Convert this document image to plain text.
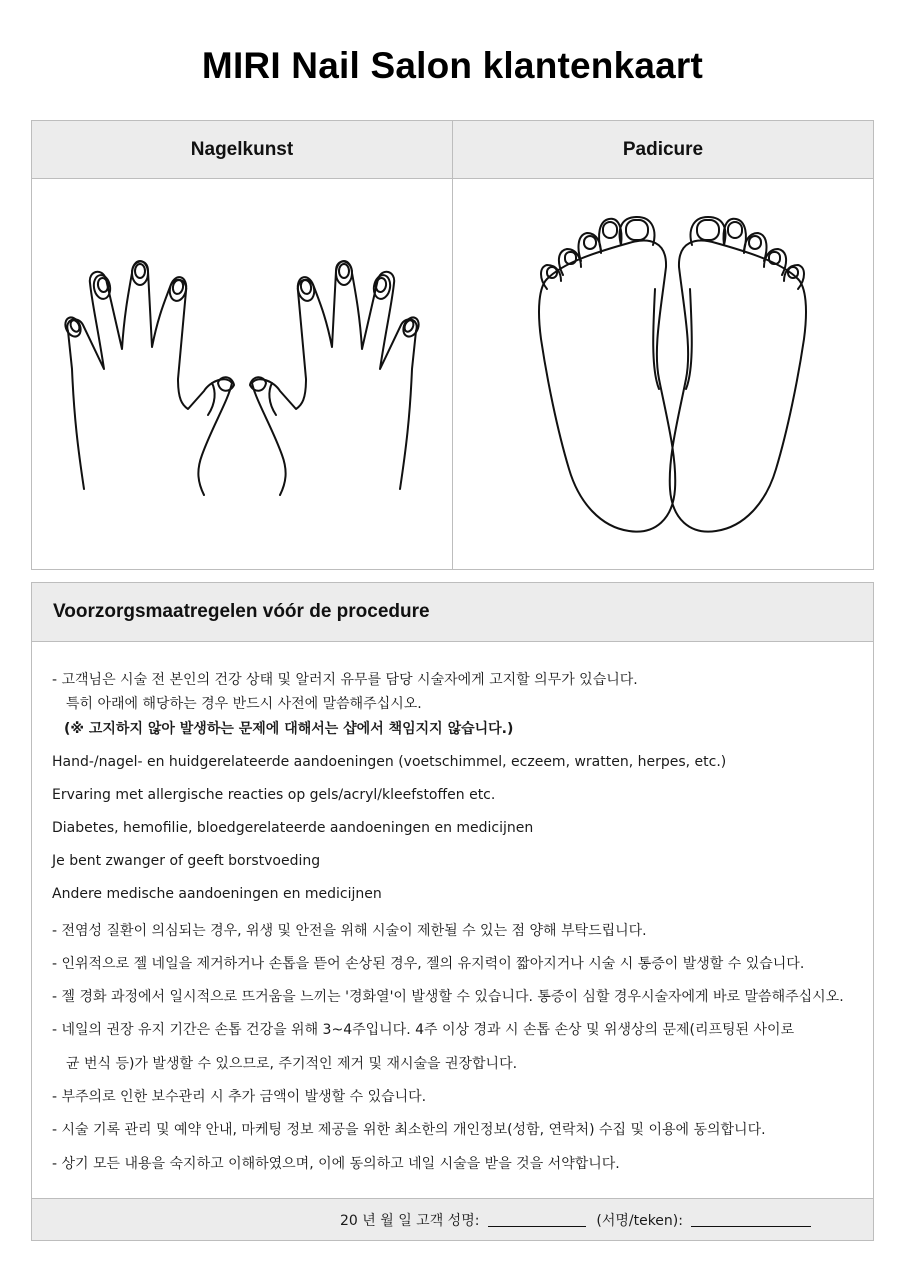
MIRI Nail Salon klantenkaart
Nagelkunst	Padicure
Voorzorgsmaatregelen vóór de procedure
- 고객님은 시술 전 본인의 건강 상태 및 알러지 유무를 담당 시술자에게 고지할 의무가 있습니다.
특히 아래에 해당하는 경우 반드시 사전에 말씀해주십시오.
(※ 고지하지 않아 발생하는 문제에 대해서는 샵에서 책임지지 않습니다.)
Hand-/nagel- en huidgerelateerde aandoeningen (voetschimmel, eczeem, wratten, herpes, etc.)
Ervaring met allergische reacties op gels/acryl/kleefstoffen etc.
Diabetes, hemofilie, bloedgerelateerde aandoeningen en medicijnen
Je bent zwanger of geeft borstvoeding
Andere medische aandoeningen en medicijnen
- 전염성 질환이 의심되는 경우, 위생 및 안전을 위해 시술이 제한될 수 있는 점 양해 부탁드립니다.
- 인위적으로 젤 네일을 제거하거나 손톱을 뜯어 손상된 경우, 젤의 유지력이 짧아지거나 시술 시 통증이 발생할 수 있습니다.
- 젤 경화 과정에서 일시적으로 뜨거움을 느끼는 '경화열'이 발생할 수 있습니다. 통증이 심할 경우시술자에게 바로 말씀해주십시오.
- 네일의 권장 유지 기간은 손톱 건강을 위해 3~4주입니다. 4주 이상 경과 시 손톱 손상 및 위생상의 문제(리프팅된 사이로
균 번식 등)가 발생할 수 있으므로, 주기적인 제거 및 재시술을 권장합니다.
- 부주의로 인한 보수관리 시 추가 금액이 발생할 수 있습니다.
- 시술 기록 관리 및 예약 안내, 마케팅 정보 제공을 위한 최소한의 개인정보(성함, 연락처) 수집 및 이용에 동의합니다.
- 상기 모든 내용을 숙지하고 이해하였으며, 이에 동의하고 네일 시술을 받을 것을 서약합니다.
20 년 월 일 고객 성명:	(서명/teken):
